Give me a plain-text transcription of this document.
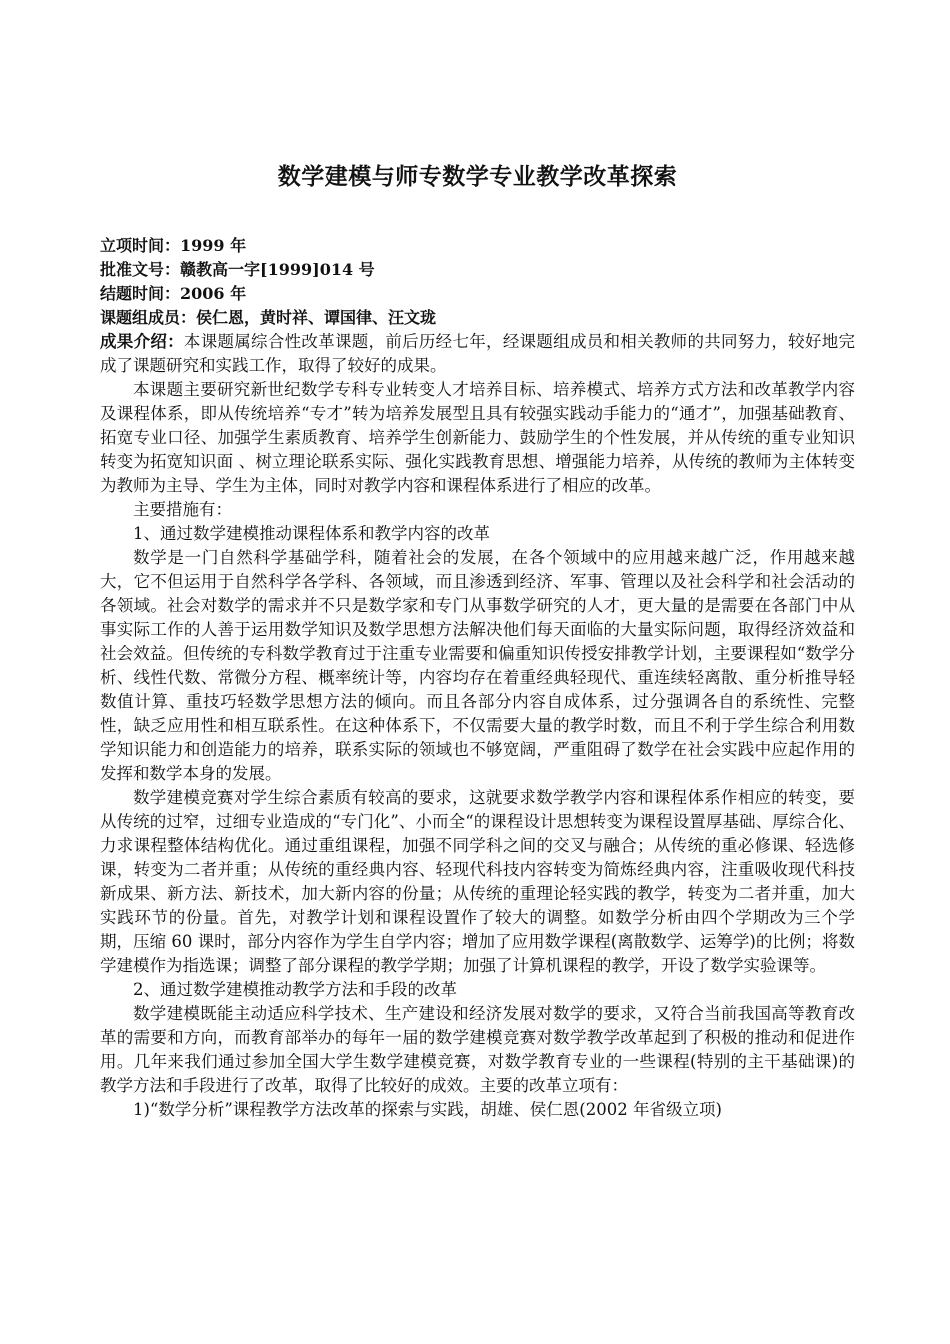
数学建模与师专数学专业教学改革探索
立项时间：1999 年
批准文号：赣教高一字[1999]014 号
结题时间：2006 年
课题组成员：侯仁恩，黄时祥、谭国律、汪文珑

成果介绍：本课题属综合性改革课题，前后历经七年，经课题组成员和相关教师的共同努力，较好地完成了课题研究和实践工作，取得了较好的成果。

本课题主要研究新世纪数学专科专业转变人才培养目标、培养模式、培养方式方法和改革教学内容及课程体系，即从传统培养“专才”转为培养发展型且具有较强实践动手能力的“通才”，加强基础教育、拓宽专业口径、加强学生素质教育、培养学生创新能力、鼓励学生的个性发展，并从传统的重专业知识转变为拓宽知识面 、树立理论联系实际、强化实践教育思想、增强能力培养，从传统的教师为主体转变为教师为主导、学生为主体，同时对教学内容和课程体系进行了相应的改革。

主要措施有：

1、通过数学建模推动课程体系和教学内容的改革

数学是一门自然科学基础学科，随着社会的发展，在各个领域中的应用越来越广泛，作用越来越大，它不但运用于自然科学各学科、各领域，而且渗透到经济、军事、管理以及社会科学和社会活动的各领域。社会对数学的需求并不只是数学家和专门从事数学研究的人才，更大量的是需要在各部门中从事实际工作的人善于运用数学知识及数学思想方法解决他们每天面临的大量实际问题，取得经济效益和社会效益。但传统的专科数学教育过于注重专业需要和偏重知识传授安排教学计划，主要课程如“数学分析、线性代数、常微分方程、概率统计等，内容均存在着重经典轻现代、重连续轻离散、重分析推导轻数值计算、重技巧轻数学思想方法的倾向。而且各部分内容自成体系，过分强调各自的系统性、完整性，缺乏应用性和相互联系性。在这种体系下，不仅需要大量的教学时数，而且不利于学生综合利用数学知识能力和创造能力的培养，联系实际的领域也不够宽阔，严重阻碍了数学在社会实践中应起作用的发挥和数学本身的发展。

数学建模竞赛对学生综合素质有较高的要求，这就要求数学教学内容和课程体系作相应的转变，要从传统的过窄，过细专业造成的“专门化”、小而全“的课程设计思想转变为课程设置厚基础、厚综合化、力求课程整体结构优化。通过重组课程，加强不同学科之间的交叉与融合；从传统的重必修课、轻选修课，转变为二者并重；从传统的重经典内容、轻现代科技内容转变为简炼经典内容，注重吸收现代科技新成果、新方法、新技术，加大新内容的份量；从传统的重理论轻实践的教学，转变为二者并重，加大实践环节的份量。首先，对教学计划和课程设置作了较大的调整。如数学分析由四个学期改为三个学期，压缩 60 课时，部分内容作为学生自学内容；增加了应用数学课程(离散数学、运筹学)的比例；将数学建模作为指选课；调整了部分课程的教学学期；加强了计算机课程的教学，开设了数学实验课等。

2、通过数学建模推动教学方法和手段的改革

数学建模既能主动适应科学技术、生产建设和经济发展对数学的要求，又符合当前我国高等教育改革的需要和方向，而教育部举办的每年一届的数学建模竞赛对数学教学改革起到了积极的推动和促进作用。几年来我们通过参加全国大学生数学建模竞赛，对数学教育专业的一些课程(特别的主干基础课)的教学方法和手段进行了改革，取得了比较好的成效。主要的改革立项有：

1)“数学分析”课程教学方法改革的探索与实践，胡雄、侯仁恩(2002 年省级立项)
